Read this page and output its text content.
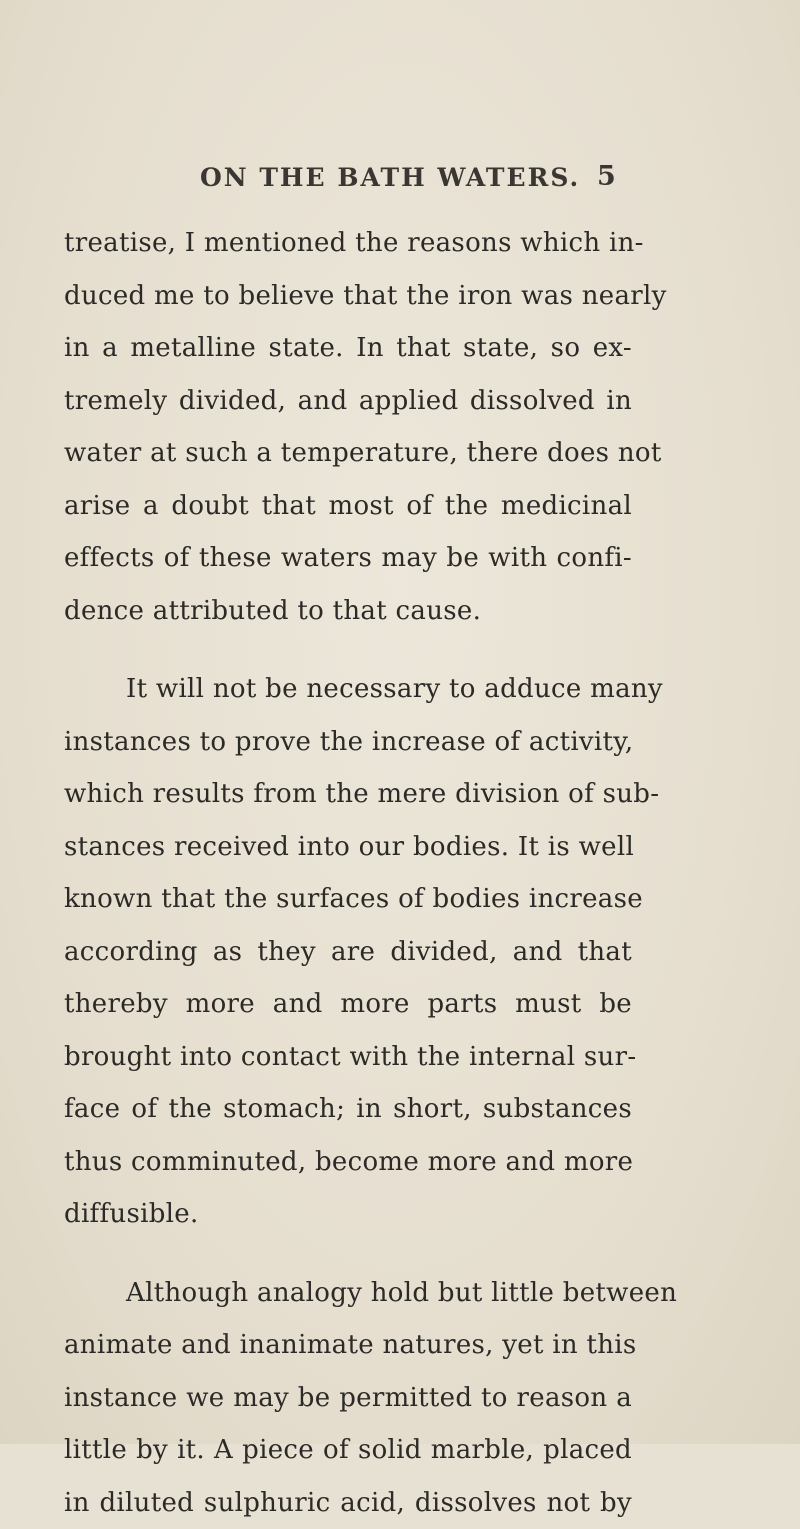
ON THE BATH WATERS. 5

treatise, I mentioned the reasons which in-
duced me to believe that the iron was nearly
in a metalline state. In that state, so ex-
tremely divided, and applied dissolved in
water at such a temperature, there does not
arise a doubt that most of the medicinal
effects of these waters may be with confi-
dence attributed to that cause.

It will not be necessary to adduce many
instances to prove the increase of activity,
which results from the mere division of sub-
stances received into our bodies. It is well
known that the surfaces of bodies increase
according as they are divided, and that
thereby more and more parts must be
brought into contact with the internal sur-
face of the stomach; in short, substances
thus comminuted, become more and more
diffusible.

Although analogy hold but little between
animate and inanimate natures, yet in this
instance we may be permitted to reason a
little by it. A piece of solid marble, placed
in diluted sulphuric acid, dissolves not by
